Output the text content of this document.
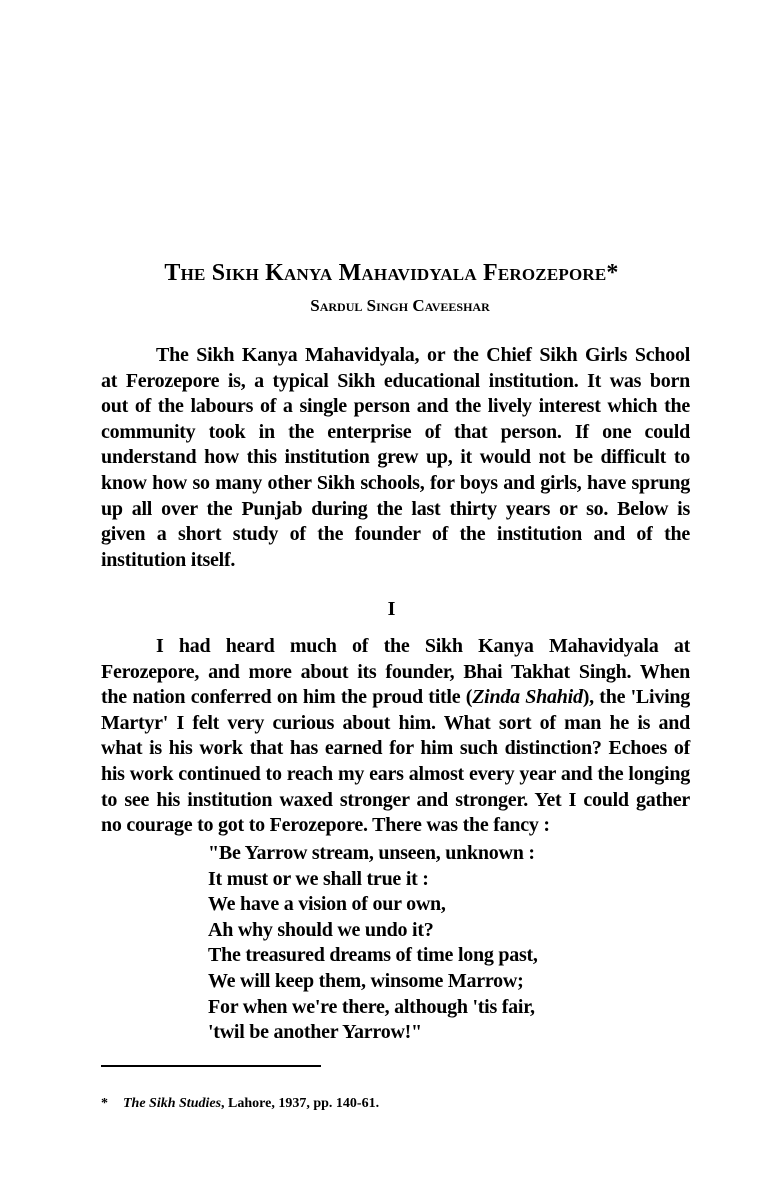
The Sikh Kanya Mahavidyala Ferozepore*
Sardul Singh Caveeshar
The Sikh Kanya Mahavidyala, or the Chief Sikh Girls School
at Ferozepore is, a typical Sikh educational institution. It was born
out of the labours of a single person and the lively interest which the
community took in the enterprise of that person. If one could
understand how this institution grew up, it would not be difficult to
know how so many other Sikh schools, for boys and girls, have sprung
up all over the Punjab during the last thirty years or so. Below is
given a short study of the founder of the institution and of the
institution itself.
I
I had heard much of the Sikh Kanya Mahavidyala at
Ferozepore, and more about its founder, Bhai Takhat Singh. When
the nation conferred on him the proud title (Zinda Shahid), the 'Living
Martyr' I felt very curious about him. What sort of man he is and
what is his work that has earned for him such distinction? Echoes of
his work continued to reach my ears almost every year and the longing
to see his institution waxed stronger and stronger. Yet I could gather
no courage to got to Ferozepore. There was the fancy :
"Be Yarrow stream, unseen, unknown :
It must or we shall true it :
We have a vision of our own,
Ah why should we undo it?
The treasured dreams of time long past,
We will keep them, winsome Marrow;
For when we're there, although 'tis fair,
'twil be another Yarrow!"
* The Sikh Studies, Lahore, 1937, pp. 140-61.
